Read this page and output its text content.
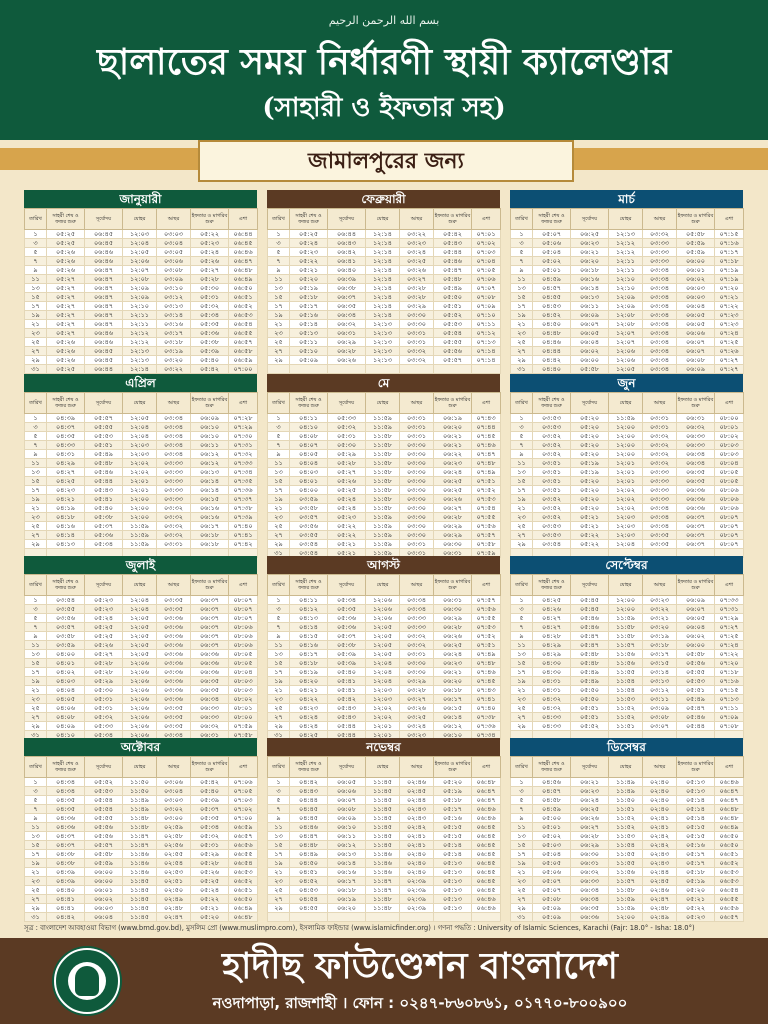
بسم الله الرحمن الرحيم
ছালাতের সময় নির্ধারণী স্থায়ী ক্যালেণ্ডার
(সাহারী ও ইফতার সহ)
জামালপুরের জন্য
জানুয়ারী
তারিখ	সাহরী শেষ ও ফজর শুরু	সূর্যোদয়	যোহর	আছর	ইফতার ও মাগরিব শুরু	এশা
১	০৫:২৫	০৬:৪৫	১২:০৩	০৩:০৩	০৫:২২	০৬:৪৪
৩	০৫:২৫	০৬:৪৫	১২:০৪	০৩:০৪	০৫:২৩	০৬:৪৫
৫	০৫:২৬	০৬:৪৬	১২:০৫	০৩:০৫	০৫:২৪	০৬:৪৬
৭	০৫:২৬	০৬:৪৬	১২:০৬	০৩:০৬	০৫:২৬	০৬:৪৭
৯	০৫:২৬	০৬:৪৭	১২:০৭	০৩:০৮	০৫:২৭	০৬:৪৮
১১	০৫:২৭	০৬:৪৭	১২:০৮	০৩:০৯	০৫:২৮	০৬:৪৯
১৩	০৫:২৭	০৬:৪৭	১২:০৯	০৩:১০	০৫:৩০	০৬:৫০
১৫	০৫:২৭	০৬:৪৭	১২:০৯	০৩:১২	০৫:৩১	০৬:৫১
১৭	০৫:২৭	০৬:৪৭	১২:১০	০৩:১৩	০৫:৩২	০৬:৫২
১৯	০৫:২৭	০৬:৪৭	১২:১১	০৩:১৪	০৫:৩৪	০৬:৫৩
২১	০৫:২৭	০৬:৪৭	১২:১১	০৩:১৬	০৫:৩৫	০৬:৫৪
২৩	০৫:২৭	০৬:৪৬	১২:১২	০৩:১৭	০৫:৩৬	০৬:৫৫
২৫	০৫:২৬	০৬:৪৬	১২:১২	০৩:১৮	০৫:৩৮	০৬:৫৭
২৭	০৫:২৬	০৬:৪৫	১২:১৩	০৩:১৯	০৫:৩৯	০৬:৫৮
২৯	০৫:২৬	০৬:৪৫	১২:১৩	০৩:২০	০৫:৪০	০৬:৫৯
৩১	০৫:২৫	০৬:৪৪	১২:১৪	০৩:২২	০৫:৪২	০৭:০০
ফেব্রুয়ারী
তারিখ	সাহরী শেষ ও ফজর শুরু	সূর্যোদয়	যোহর	আছর	ইফতার ও মাগরিব শুরু	এশা
১	০৫:২৫	০৬:৪৪	১২:১৪	০৩:২২	০৫:৪২	০৭:০১
৩	০৫:২৪	০৬:৪৩	১২:১৪	০৩:২৩	০৫:৪৩	০৭:০২
৫	০৫:২৩	০৬:৪২	১২:১৪	০৩:২৪	০৫:৪৪	০৭:০৩
৭	০৫:২২	০৬:৪১	১২:১৪	০৩:২৫	০৫:৪৬	০৭:০৪
৯	০৫:২১	০৬:৪০	১২:১৪	০৩:২৬	০৫:৪৭	০৭:০৫
১১	০৫:২০	০৬:৩৯	১২:১৪	০৩:২৭	০৫:৪৮	০৭:০৬
১৩	০৫:১৯	০৬:৩৮	১২:১৪	০৩:২৮	০৫:৪৯	০৭:০৭
১৫	০৫:১৮	০৬:৩৭	১২:১৪	০৩:২৮	০৫:৫০	০৭:০৮
১৭	০৫:১৭	০৬:৩৫	১২:১৪	০৩:২৯	০৫:৫১	০৭:০৯
১৯	০৫:১৬	০৬:৩৪	১২:১৪	০৩:৩০	০৫:৫২	০৭:১০
২১	০৫:১৪	০৬:৩২	১২:১৩	০৩:৩০	০৫:৫৩	০৭:১১
২৩	০৫:১৩	০৬:৩১	১২:১৩	০৩:৩১	০৫:৫৪	০৭:১২
২৫	০৫:১১	০৬:২৯	১২:১৩	০৩:৩১	০৫:৫৫	০৭:১৩
২৭	০৫:১০	০৬:২৮	১২:১৩	০৩:৩২	০৫:৫৬	০৭:১৪
২৯	০৫:০৯	০৬:২৬	১২:১৩	০৩:৩২	০৫:৫৭	০৭:১৪

মার্চ
তারিখ	সাহরী শেষ ও ফজর শুরু	সূর্যোদয়	যোহর	আছর	ইফতার ও মাগরিব শুরু	এশা
১	০৫:০৭	০৬:২৫	১২:১৩	০৩:৩২	০৫:৫৮	০৭:১৫
৩	০৫:০৬	০৬:২৩	১২:১২	০৩:৩৩	০৫:৫৯	০৭:১৬
৫	০৫:০৪	০৬:২১	১২:১২	০৩:৩৩	০৫:৫৯	০৭:১৭
৭	০৫:০২	০৬:২০	১২:১১	০৩:৩৩	০৬:০০	০৭:১৮
৯	০৫:০১	০৬:১৮	১২:১১	০৩:৩৪	০৬:০১	০৭:১৯
১১	০৪:৫৯	০৬:১৬	১২:১০	০৩:৩৪	০৬:০২	০৭:১৯
১৩	০৪:৫৭	০৬:১৪	১২:১০	০৩:৩৪	০৬:০৩	০৭:২০
১৫	০৪:৫৫	০৬:১৩	১২:০৯	০৩:৩৪	০৬:০৩	০৭:২১
১৭	০৪:৫৩	০৬:১১	১২:০৯	০৩:৩৪	০৬:০৪	০৭:২২
১৯	০৪:৫২	০৬:০৯	১২:০৮	০৩:৩৪	০৬:০৫	০৭:২৩
২১	০৪:৫০	০৬:০৭	১২:০৮	০৩:৩৪	০৬:০৫	০৭:২৩
২৩	০৪:৪৮	০৬:০৫	১২:০৭	০৩:৩৪	০৬:০৬	০৭:২৪
২৫	০৪:৪৬	০৬:০৪	১২:০৭	০৩:৩৪	০৬:০৭	০৭:২৫
২৭	০৪:৪৪	০৬:০২	১২:০৬	০৩:৩৪	০৬:০৭	০৭:২৬
২৯	০৪:৪২	০৬:০০	১২:০৬	০৩:৩৪	০৬:০৮	০৭:২৭
৩১	০৪:৪০	০৫:৫৮	১২:০৫	০৩:৩৪	০৬:০৯	০৭:২৭
এপ্রিল
তারিখ	সাহরী শেষ ও ফজর শুরু	সূর্যোদয়	যোহর	আছর	ইফতার ও মাগরিব শুরু	এশা
১	০৪:৩৯	০৫:৫৭	১২:০৫	০৩:৩৪	০৬:০৯	০৭:২৮
৩	০৪:৩৭	০৫:৫৫	১২:০৪	০৩:৩৪	০৬:১০	০৭:২৯
৫	০৪:৩৫	০৫:৫৩	১২:০৪	০৩:৩৪	০৬:১০	০৭:৩০
৭	০৪:৩৩	০৫:৫১	১২:০৩	০৩:৩৪	০৬:১১	০৭:৩১
৯	০৪:৩১	০৫:৪৯	১২:০৩	০৩:৩৪	০৬:১২	০৭:৩২
১১	০৪:২৯	০৫:৪৮	১২:০২	০৩:৩৩	০৬:১২	০৭:৩৩
১৩	০৪:২৭	০৫:৪৬	১২:০২	০৩:৩৩	০৬:১৩	০৭:৩৪
১৫	০৪:২৫	০৫:৪৪	১২:০১	০৩:৩৩	০৬:১৪	০৭:৩৫
১৭	০৪:২৩	০৫:৪৩	১২:০১	০৩:৩৩	০৬:১৪	০৭:৩৬
১৯	০৪:২১	০৫:৪১	১২:০০	০৩:৩৩	০৬:১৫	০৭:৩৭
২১	০৪:১৯	০৫:৪০	১২:০০	০৩:৩২	০৬:১৬	০৭:৩৮
২৩	০৪:১৮	০৫:৩৮	১২:০০	০৩:৩২	০৬:১৬	০৭:৩৯
২৫	০৪:১৬	০৫:৩৭	১১:৫৯	০৩:৩২	০৬:১৭	০৭:৪০
২৭	০৪:১৪	০৫:৩৬	১১:৫৯	০৩:৩২	০৬:১৮	০৭:৪১
২৯	০৪:১৩	০৫:৩৪	১১:৫৯	০৩:৩১	০৬:১৮	০৭:৪২

মে
তারিখ	সাহরী শেষ ও ফজর শুরু	সূর্যোদয়	যোহর	আছর	ইফতার ও মাগরিব শুরু	এশা
১	০৪:১১	০৫:৩৩	১১:৫৯	০৩:৩১	০৬:১৯	০৭:৪৩
৩	০৪:১০	০৫:৩২	১১:৫৯	০৩:৩১	০৬:২০	০৭:৪৪
৫	০৪:০৮	০৫:৩১	১১:৫৮	০৩:৩১	০৬:২১	০৭:৪৫
৭	০৪:০৭	০৫:৩০	১১:৫৮	০৩:৩০	০৬:২১	০৭:৪৬
৯	০৪:০৫	০৫:২৯	১১:৫৮	০৩:৩০	০৬:২২	০৭:৪৭
১১	০৪:০৪	০৫:২৮	১১:৫৮	০৩:৩০	০৬:২৩	০৭:৪৮
১৩	০৪:০৩	০৫:২৭	১১:৫৮	০৩:৩০	০৬:২৪	০৭:৪৯
১৫	০৪:০১	০৫:২৬	১১:৫৮	০৩:৩০	০৬:২৫	০৭:৫১
১৭	০৪:০০	০৫:২৫	১১:৫৮	০৩:৩০	০৬:২৫	০৭:৫২
১৯	০৩:৫৯	০৫:২৪	১১:৫৮	০৩:৩০	০৬:২৬	০৭:৫৩
২১	০৩:৫৮	০৫:২৪	১১:৫৮	০৩:৩০	০৬:২৭	০৭:৫৪
২৩	০৩:৫৭	০৫:২৩	১১:৫৯	০৩:৩০	০৬:২৮	০৭:৫৫
২৫	০৩:৫৬	০৫:২২	১১:৫৯	০৩:৩০	০৬:২৯	০৭:৫৬
২৭	০৩:৫৫	০৫:২২	১১:৫৯	০৩:৩০	০৬:২৯	০৭:৫৭
২৯	০৩:৫৪	০৫:২১	১১:৫৯	০৩:৩১	০৬:৩০	০৭:৫৮
৩১	০৩:৫৪	০৫:২১	১১:৫৯	০৩:৩১	০৬:৩১	০৭:৫৯
জুন
তারিখ	সাহরী শেষ ও ফজর শুরু	সূর্যোদয়	যোহর	আছর	ইফতার ও মাগরিব শুরু	এশা
১	০৩:৫৩	০৫:২০	১১:৫৯	০৩:৩১	০৬:৩১	০৮:০০
৩	০৩:৫৩	০৫:২০	১২:০০	০৩:৩১	০৬:৩২	০৮:০১
৫	০৩:৫২	০৫:২০	১২:০০	০৩:৩২	০৬:৩৩	০৮:০২
৭	০৩:৫২	০৫:২০	১২:০০	০৩:৩২	০৬:৩৩	০৮:০৩
৯	০৩:৫২	০৫:২০	১২:০০	০৩:৩২	০৬:৩৪	০৮:০৩
১১	০৩:৫১	০৫:১৯	১২:০১	০৩:৩২	০৬:৩৪	০৮:০৪
১৩	০৩:৫১	০৫:১৯	১২:০১	০৩:৩৩	০৬:৩৫	০৮:০৫
১৫	০৩:৫১	০৫:২০	১২:০১	০৩:৩৩	০৬:৩৫	০৮:০৫
১৭	০৩:৫১	০৫:২০	১২:০২	০৩:৩৩	০৬:৩৬	০৮:০৬
১৯	০৩:৫২	০৫:২০	১২:০২	০৩:৩৩	০৬:৩৬	০৮:০৬
২১	০৩:৫২	০৫:২০	১২:০২	০৩:৩৪	০৬:৩৬	০৮:০৬
২৩	০৩:৫২	০৫:২১	১২:০৩	০৩:৩৪	০৬:৩৭	০৮:০৭
২৫	০৩:৫৩	০৫:২১	১২:০৩	০৩:৩৪	০৬:৩৭	০৮:০৭
২৭	০৩:৫৩	০৫:২২	১২:০৩	০৩:৩৫	০৬:৩৭	০৮:০৭
২৯	০৩:৫৪	০৫:২২	১২:০৪	০৩:৩৫	০৬:৩৭	০৮:০৭

জুলাই
তারিখ	সাহরী শেষ ও ফজর শুরু	সূর্যোদয়	যোহর	আছর	ইফতার ও মাগরিব শুরু	এশা
১	০৩:৫৪	০৫:২৩	১২:০৪	০৩:৩৫	০৬:৩৭	০৮:০৭
৩	০৩:৫৫	০৫:২৩	১২:০৪	০৩:৩৫	০৬:৩৭	০৮:০৭
৫	০৩:৫৬	০৫:২৪	১২:০৫	০৩:৩৬	০৬:৩৭	০৮:০৭
৭	০৩:৫৭	০৫:২৫	১২:০৫	০৩:৩৬	০৬:৩৭	০৮:০৬
৯	০৩:৫৮	০৫:২৫	১২:০৫	০৩:৩৬	০৬:৩৭	০৮:০৬
১১	০৩:৫৯	০৫:২৬	১২:০৫	০৩:৩৬	০৬:৩৭	০৮:০৬
১৩	০৪:০০	০৫:২৭	১২:০৫	০৩:৩৬	০৬:৩৬	০৮:০৫
১৫	০৪:০১	০৫:২৮	১২:০৬	০৩:৩৬	০৬:৩৬	০৮:০৫
১৭	০৪:০২	০৫:২৮	১২:০৬	০৩:৩৬	০৬:৩৬	০৮:০৪
১৯	০৪:০৩	০৫:২৯	১২:০৬	০৩:৩৬	০৬:৩৫	০৮:০৩
২১	০৪:০৪	০৫:৩০	১২:০৬	০৩:৩৬	০৬:৩৫	০৮:০৩
২৩	০৪:০৫	০৫:৩১	১২:০৬	০৩:৩৬	০৬:৩৪	০৮:০২
২৫	০৪:০৬	০৫:৩১	১২:০৬	০৩:৩৫	০৬:৩৩	০৮:০১
২৭	০৪:০৮	০৫:৩২	১২:০৬	০৩:৩৫	০৬:৩৩	০৮:০০
২৯	০৪:০৯	০৫:৩৩	১২:০৬	০৩:৩৫	০৬:৩২	০৭:৫৯
৩১	০৪:১০	০৫:৩৪	১২:০৬	০৩:৩৪	০৬:৩১	০৭:৫৮
আগস্ট
তারিখ	সাহরী শেষ ও ফজর শুরু	সূর্যোদয়	যোহর	আছর	ইফতার ও মাগরিব শুরু	এশা
১	০৪:১১	০৫:৩৪	১২:০৬	০৩:৩৪	০৬:৩১	০৭:৫৭
৩	০৪:১২	০৫:৩৫	১২:০৬	০৩:৩৪	০৬:৩০	০৭:৫৬
৫	০৪:১৩	০৫:৩৬	১২:০৬	০৩:৩৩	০৬:২৯	০৭:৫৫
৭	০৪:১৪	০৫:৩৬	১২:০৫	০৩:৩৩	০৬:২৮	০৭:৫৩
৯	০৪:১৫	০৫:৩৭	১২:০৫	০৩:৩২	০৬:২৬	০৭:৫২
১১	০৪:১৬	০৫:৩৮	১২:০৫	০৩:৩২	০৬:২৫	০৭:৫১
১৩	০৪:১৭	০৫:৩৯	১২:০৫	০৩:৩১	০৬:২৪	০৭:৪৯
১৫	০৪:১৮	০৫:৩৯	১২:০৪	০৩:৩০	০৬:২৩	০৭:৪৮
১৭	০৪:১৯	০৫:৪০	১২:০৪	০৩:৩০	০৬:২১	০৭:৪৬
১৯	০৪:২০	০৫:৪১	১২:০৪	০৩:২৯	০৬:২০	০৭:৪৫
২১	০৪:২১	০৫:৪১	১২:০৩	০৩:২৮	০৬:১৮	০৭:৪৩
২৩	০৪:২২	০৫:৪২	১২:০৩	০৩:২৭	০৬:১৭	০৭:৪১
২৫	০৪:২৩	০৫:৪৩	১২:০২	০৩:২৬	০৬:১৫	০৭:৪০
২৭	০৪:২৪	০৫:৪৩	১২:০২	০৩:২৫	০৬:১৪	০৭:৩৮
২৯	০৪:২৪	০৫:৪৪	১২:০১	০৩:২৪	০৬:১২	০৭:৩৬
৩১	০৪:২৫	০৫:৪৪	১২:০১	০৩:২৩	০৬:১০	০৭:৩৪
সেপ্টেম্বর
তারিখ	সাহরী শেষ ও ফজর শুরু	সূর্যোদয়	যোহর	আছর	ইফতার ও মাগরিব শুরু	এশা
১	০৪:২৫	০৫:৪৫	১২:০০	০৩:২৩	০৬:০৯	০৭:৩৩
৩	০৪:২৬	০৫:৪৫	১২:০০	০৩:২২	০৬:০৭	০৭:৩১
৫	০৪:২৭	০৫:৪৬	১১:৫৯	০৩:২১	০৬:০৫	০৭:২৯
৭	০৪:২৭	০৫:৪৬	১১:৫৮	০৩:২০	০৬:০৪	০৭:২৭
৯	০৪:২৮	০৫:৪৭	১১:৫৮	০৩:১৯	০৬:০২	০৭:২৫
১১	০৪:২৯	০৫:৪৭	১১:৫৭	০৩:১৮	০৬:০০	০৭:২৪
১৩	০৪:২৯	০৫:৪৮	১১:৫৬	০৩:১৭	০৫:৫৮	০৭:২২
১৫	০৪:৩০	০৫:৪৮	১১:৫৬	০৩:১৫	০৫:৫৬	০৭:২০
১৭	০৪:৩০	০৫:৪৯	১১:৫৫	০৩:১৪	০৫:৫৫	০৭:১৮
১৯	০৪:৩১	০৫:৪৯	১১:৫৪	০৩:১৩	০৫:৫৩	০৭:১৬
২১	০৪:৩১	০৫:৫০	১১:৫৪	০৩:১২	০৫:৫১	০৭:১৫
২৩	০৪:৩২	০৫:৫০	১১:৫৩	০৩:১১	০৫:৪৯	০৭:১৩
২৫	০৪:৩২	০৫:৫১	১১:৫২	০৩:০৯	০৫:৪৭	০৭:১১
২৭	০৪:৩৩	০৫:৫১	১১:৫২	০৩:০৮	০৫:৪৬	০৭:০৯
২৯	০৪:৩৩	০৫:৫২	১১:৫১	০৩:০৭	০৫:৪৪	০৭:০৮

অক্টোবর
তারিখ	সাহরী শেষ ও ফজর শুরু	সূর্যোদয়	যোহর	আছর	ইফতার ও মাগরিব শুরু	এশা
১	০৪:৩৪	০৫:৫২	১১:৫০	০৩:০৬	০৫:৪২	০৭:০৬
৩	০৪:৩৪	০৫:৫৩	১১:৫০	০৩:০৪	০৫:৪০	০৭:০৫
৫	০৪:৩৫	০৫:৫৪	১১:৪৯	০৩:০৩	০৫:৩৯	০৭:০৩
৭	০৪:৩৫	০৫:৫৪	১১:৪৯	০৩:০২	০৫:৩৭	০৭:০২
৯	০৪:৩৬	০৫:৫৫	১১:৪৮	০৩:০০	০৫:৩৫	০৭:০০
১১	০৪:৩৬	০৫:৫৬	১১:৪৮	০২:৫৯	০৫:৩৪	০৬:৫৯
১৩	০৪:৩৭	০৫:৫৬	১১:৪৭	০২:৫৮	০৫:৩২	০৬:৫৭
১৫	০৪:৩৭	০৫:৫৭	১১:৪৭	০২:৫৬	০৫:৩১	০৬:৫৬
১৭	০৪:৩৮	০৫:৫৮	১১:৪৬	০২:৫৫	০৫:২৯	০৬:৫৫
১৯	০৪:৩৮	০৫:৫৯	১১:৪৬	০২:৫৪	০৫:২৮	০৬:৫৪
২১	০৪:৩৯	০৬:০০	১১:৪৬	০২:৫৩	০৫:২৬	০৬:৫৩
২৩	০৪:৩৯	০৬:০০	১১:৪৫	০২:৫১	০৫:২৫	০৬:৫২
২৫	০৪:৪০	০৬:০১	১১:৪৫	০২:৫০	০৫:২৪	০৬:৫১
২৭	০৪:৪১	০৬:০২	১১:৪৫	০২:৪৯	০৫:২২	০৬:৫০
২৯	০৪:৪১	০৬:০৩	১১:৪৫	০২:৪৮	০৫:২১	০৬:৪৯
৩১	০৪:৪২	০৬:০৪	১১:৪৫	০২:৪৭	০৫:২০	০৬:৪৮
নভেম্বর
তারিখ	সাহরী শেষ ও ফজর শুরু	সূর্যোদয়	যোহর	আছর	ইফতার ও মাগরিব শুরু	এশা
১	০৪:৪২	০৬:০৫	১১:৪৫	০২:৪৬	০৫:২০	০৬:৪৮
৩	০৪:৪৩	০৬:০৬	১১:৪৫	০২:৪৫	০৫:১৯	০৬:৪৭
৫	০৪:৪৪	০৬:০৭	১১:৪৫	০২:৪৪	০৫:১৮	০৬:৪৭
৭	০৪:৪৫	০৬:০৮	১১:৪৫	০২:৪৩	০৫:১৭	০৬:৪৬
৯	০৪:৪৫	০৬:০৯	১১:৪৫	০২:৪৩	০৫:১৬	০৬:৪৬
১১	০৪:৪৬	০৬:১০	১১:৪৫	০২:৪২	০৫:১৫	০৬:৪৫
১৩	০৪:৪৭	০৬:১১	১১:৪৫	০২:৪১	০৫:১৫	০৬:৪৫
১৫	০৪:৪৮	০৬:১২	১১:৪৫	০২:৪১	০৫:১৪	০৬:৪৫
১৭	০৪:৪৯	০৬:১৩	১১:৪৬	০২:৪০	০৫:১৪	০৬:৪৫
১৯	০৪:৫০	০৬:১৪	১১:৪৬	০২:৪০	০৫:১৩	০৬:৪৫
২১	০৪:৫১	০৬:১৬	১১:৪৬	০২:৪০	০৫:১৩	০৬:৪৫
২৩	০৪:৫২	০৬:১৭	১১:৪৭	০২:৩৯	০৫:১৩	০৬:৪৫
২৫	০৪:৫৩	০৬:১৮	১১:৪৭	০২:৩৯	০৫:১৩	০৬:৪৫
২৭	০৪:৫৪	০৬:১৯	১১:৪৮	০২:৩৯	০৫:১৩	০৬:৪৬
২৯	০৪:৫৫	০৬:২০	১১:৪৮	০২:৩৯	০৫:১৩	০৬:৪৬

ডিসেম্বর
তারিখ	সাহরী শেষ ও ফজর শুরু	সূর্যোদয়	যোহর	আছর	ইফতার ও মাগরিব শুরু	এশা
১	০৪:৫৬	০৬:২১	১১:৪৯	০২:৪০	০৫:১৩	০৬:৪৬
৩	০৪:৫৭	০৬:২৩	১১:৪৯	০২:৪০	০৫:১৩	০৬:৪৭
৫	০৪:৫৮	০৬:২৪	১১:৫০	০২:৪০	০৫:১৪	০৬:৪৭
৭	০৪:৫৯	০৬:২৫	১১:৫১	০২:৪০	০৫:১৪	০৬:৪৮
৯	০৫:০০	০৬:২৬	১১:৫২	০২:৪১	০৫:১৪	০৬:৪৮
১১	০৫:০১	০৬:২৭	১১:৫২	০২:৪১	০৫:১৫	০৬:৪৯
১৩	০৫:০২	০৬:২৮	১১:৫৩	০২:৪২	০৫:১৫	০৬:৫০
১৫	০৫:০৩	০৬:২৯	১১:৫৪	০২:৪২	০৫:১৬	০৬:৫০
১৭	০৫:০৪	০৬:৩০	১১:৫৫	০২:৪৩	০৫:১৭	০৬:৫১
১৯	০৫:০৫	০৬:৩১	১১:৫৫	০২:৪৩	০৫:১৭	০৬:৫২
২১	০৫:০৬	০৬:৩২	১১:৫৬	০২:৪৪	০৫:১৮	০৬:৫৩
২৩	০৫:০৭	০৬:৩৩	১১:৫৭	০২:৪৫	০৫:১৯	০৬:৫৩
২৫	০৫:০৭	০৬:৩৪	১১:৫৮	০২:৪৬	০৫:২০	০৬:৫৪
২৭	০৫:০৮	০৬:৩৪	১১:৫৯	০২:৪৭	০৫:২১	০৬:৫৫
২৯	০৫:০৯	০৬:৩৫	১১:৫৯	০২:৪৮	০৫:২২	০৬:৫৬
৩১	০৫:০৯	০৬:৩৬	১২:০০	০২:৪৯	০৫:২৩	০৬:৫৭
সূত্র : বাংলাদেশ আবহাওয়া বিভাগ (www.bmd.gov.bd), মুসলিম প্রো (www.muslimpro.com), ইসলামিক ফাইন্ডার (www.islamicfinder.org) । গণনা পদ্ধতি : University of Islamic Sciences, Karachi (Fajr: 18.0° - Isha: 18.0°)
হাদীছ ফাউণ্ডেশন বাংলাদেশ
নওদাপাড়া, রাজশাহী । ফোন : ০২৪৭-৮৬০৮৬১, ০১৭৭০-৮০০৯০০
